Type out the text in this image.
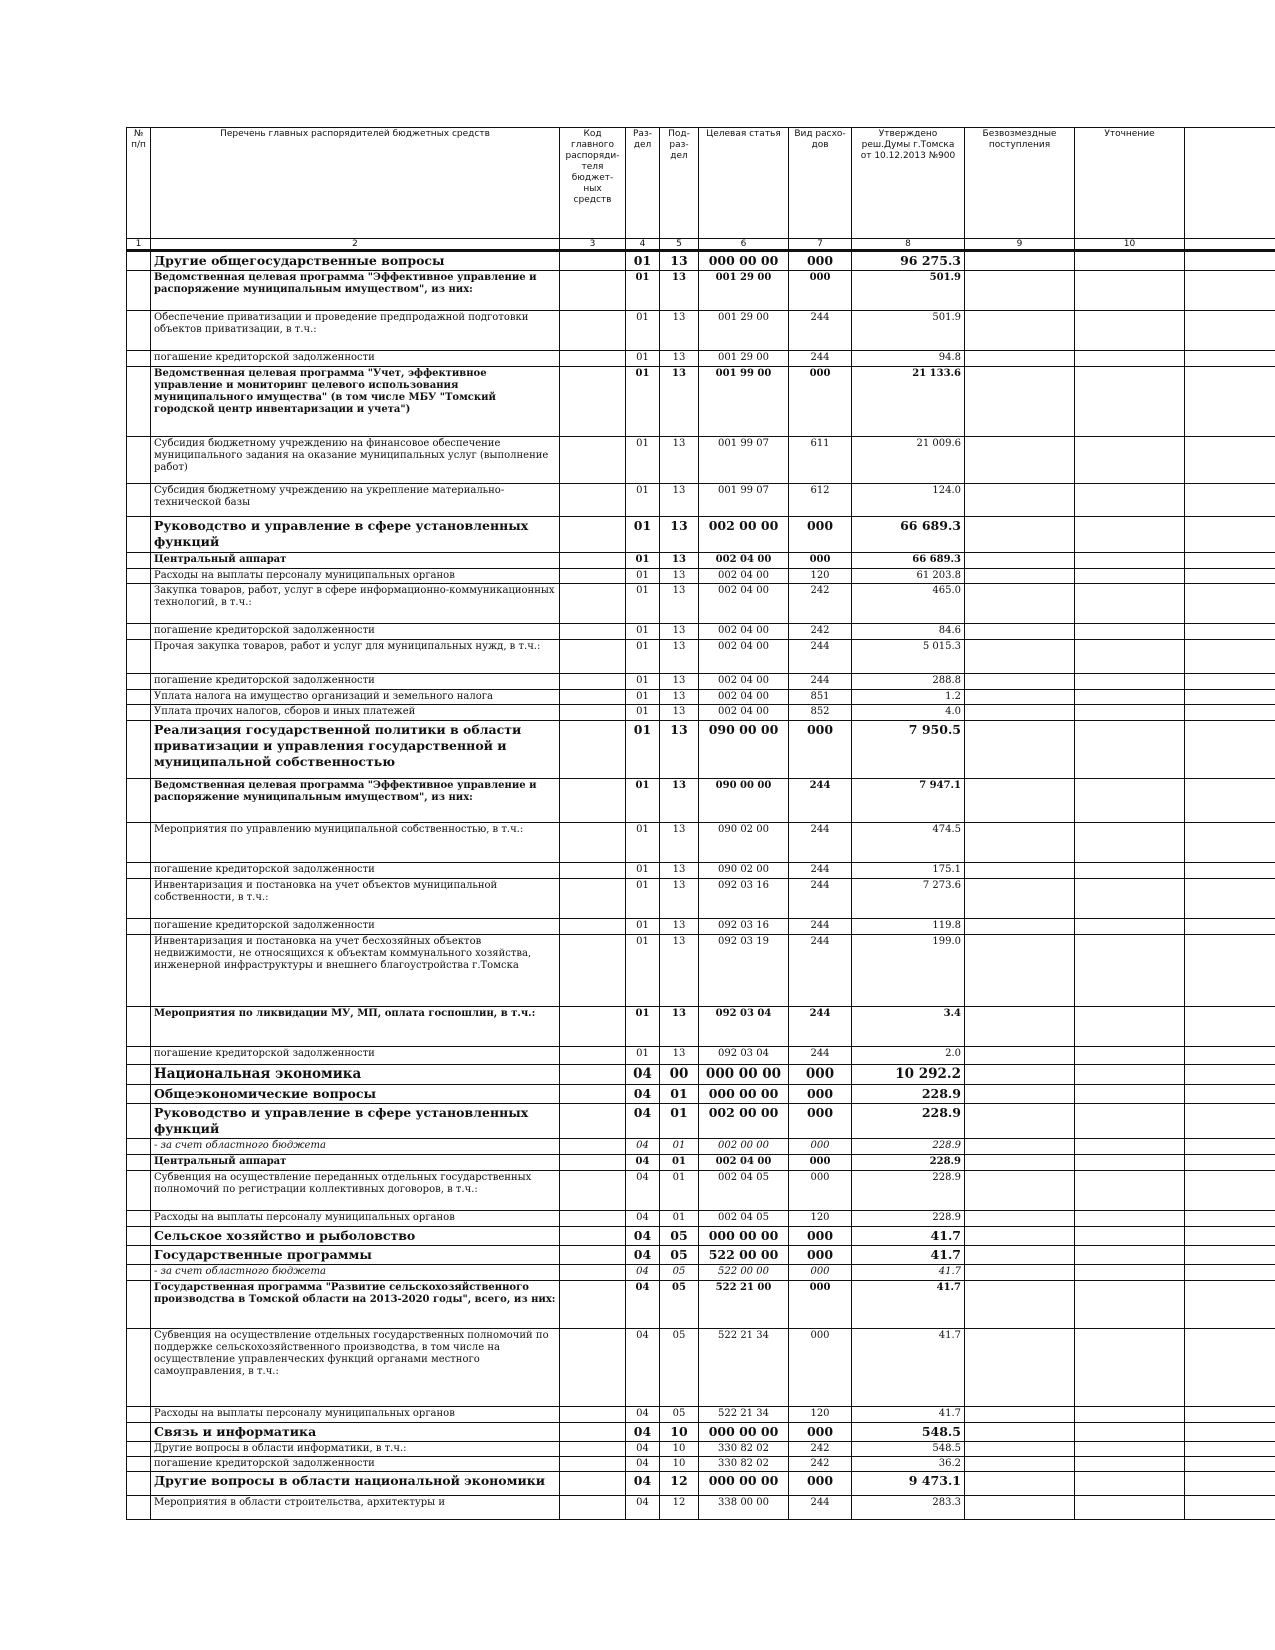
№ п/п	Перечень главных распорядителей бюджетных средств	Код главного распоряди- теля бюджет- ных средств	Раз- дел	Под- раз- дел	Целевая статья	Вид расхо- дов	Утверждено реш.Думы г.Томска от 10.12.2013 №900	Безвозмездные поступления	Уточнение	
1	2	3	4	5	6	7	8	9	10	
	Другие общегосударственные вопросы		01	13	000 00 00	000	96 275.3			
	Ведомственная целевая программа "Эффективное управление и распоряжение муниципальным имуществом", из них:		01	13	001 29 00	000	501.9			
	Обеспечение приватизации и проведение предпродажной подготовки объектов приватизации, в т.ч.:		01	13	001 29 00	244	501.9			
	погашение кредиторской задолженности		01	13	001 29 00	244	94.8			
	Ведомственная целевая программа "Учет, эффективное управление и мониторинг целевого использования муниципального имущества" (в том числе МБУ "Томский городской центр инвентаризации и учета")		01	13	001 99 00	000	21 133.6			
	Субсидия бюджетному учреждению на финансовое обеспечение муниципального задания на оказание муниципальных услуг (выполнение работ)		01	13	001 99 07	611	21 009.6			
	Субсидия бюджетному учреждению на укрепление материально-технической базы		01	13	001 99 07	612	124.0			
	Руководство и управление в сфере установленных функций		01	13	002 00 00	000	66 689.3			
	Центральный аппарат		01	13	002 04 00	000	66 689.3			
	Расходы на выплаты персоналу муниципальных органов		01	13	002 04 00	120	61 203.8			
	Закупка товаров, работ, услуг в сфере информационно-коммуникационных технологий, в т.ч.:		01	13	002 04 00	242	465.0			
	погашение кредиторской задолженности		01	13	002 04 00	242	84.6			
	Прочая закупка товаров, работ и услуг для муниципальных нужд, в т.ч.:		01	13	002 04 00	244	5 015.3			
	погашение кредиторской задолженности		01	13	002 04 00	244	288.8			
	Уплата налога на имущество организаций и земельного налога		01	13	002 04 00	851	1.2			
	Уплата прочих налогов, сборов и иных платежей		01	13	002 04 00	852	4.0			
	Реализация государственной политики в области приватизации и управления государственной и муниципальной собственностью		01	13	090 00 00	000	7 950.5			
	Ведомственная целевая программа "Эффективное управление и распоряжение муниципальным имуществом", из них:		01	13	090 00 00	244	7 947.1			
	Мероприятия по управлению муниципальной собственностью, в т.ч.:		01	13	090 02 00	244	474.5			
	погашение кредиторской задолженности		01	13	090 02 00	244	175.1			
	Инвентаризация и постановка на учет объектов муниципальной собственности, в т.ч.:		01	13	092 03 16	244	7 273.6			
	погашение кредиторской задолженности		01	13	092 03 16	244	119.8			
	Инвентаризация и постановка на учет бесхозяйных объектов недвижимости, не относящихся к объектам коммунального хозяйства, инженерной инфраструктуры и внешнего благоустройства г.Томска		01	13	092 03 19	244	199.0			
	Мероприятия по ликвидации МУ, МП, оплата госпошлин, в т.ч.:		01	13	092 03 04	244	3.4			
	погашение кредиторской задолженности		01	13	092 03 04	244	2.0			
	Национальная экономика		04	00	000 00 00	000	10 292.2			
	Общеэкономические вопросы		04	01	000 00 00	000	228.9			
	Руководство и управление в сфере установленных функций		04	01	002 00 00	000	228.9			
	- за счет областного бюджета		04	01	002 00 00	000	228.9			
	Центральный аппарат		04	01	002 04 00	000	228.9			
	Субвенция на осуществление переданных отдельных государственных полномочий по регистрации коллективных договоров, в т.ч.:		04	01	002 04 05	000	228.9			
	Расходы на выплаты персоналу муниципальных органов		04	01	002 04 05	120	228.9			
	Сельское хозяйство и рыболовство		04	05	000 00 00	000	41.7			
	Государственные программы		04	05	522 00 00	000	41.7			
	- за счет областного бюджета		04	05	522 00 00	000	41.7			
	Государственная программа "Развитие сельскохозяйственного производства в Томской области на 2013-2020 годы", всего, из них:		04	05	522 21 00	000	41.7			
	Субвенция на осуществление отдельных государственных полномочий по поддержке сельскохозяйственного производства, в том числе на осуществление управленческих функций органами местного самоуправления, в т.ч.:		04	05	522 21 34	000	41.7			
	Расходы на выплаты персоналу муниципальных органов		04	05	522 21 34	120	41.7			
	Связь и информатика		04	10	000 00 00	000	548.5			
	Другие вопросы в области информатики, в т.ч.:		04	10	330 82 02	242	548.5			
	погашение кредиторской задолженности		04	10	330 82 02	242	36.2			
	Другие вопросы в области национальной экономики		04	12	000 00 00	000	9 473.1			
	Мероприятия в области строительства, архитектуры и		04	12	338 00 00	244	283.3			
